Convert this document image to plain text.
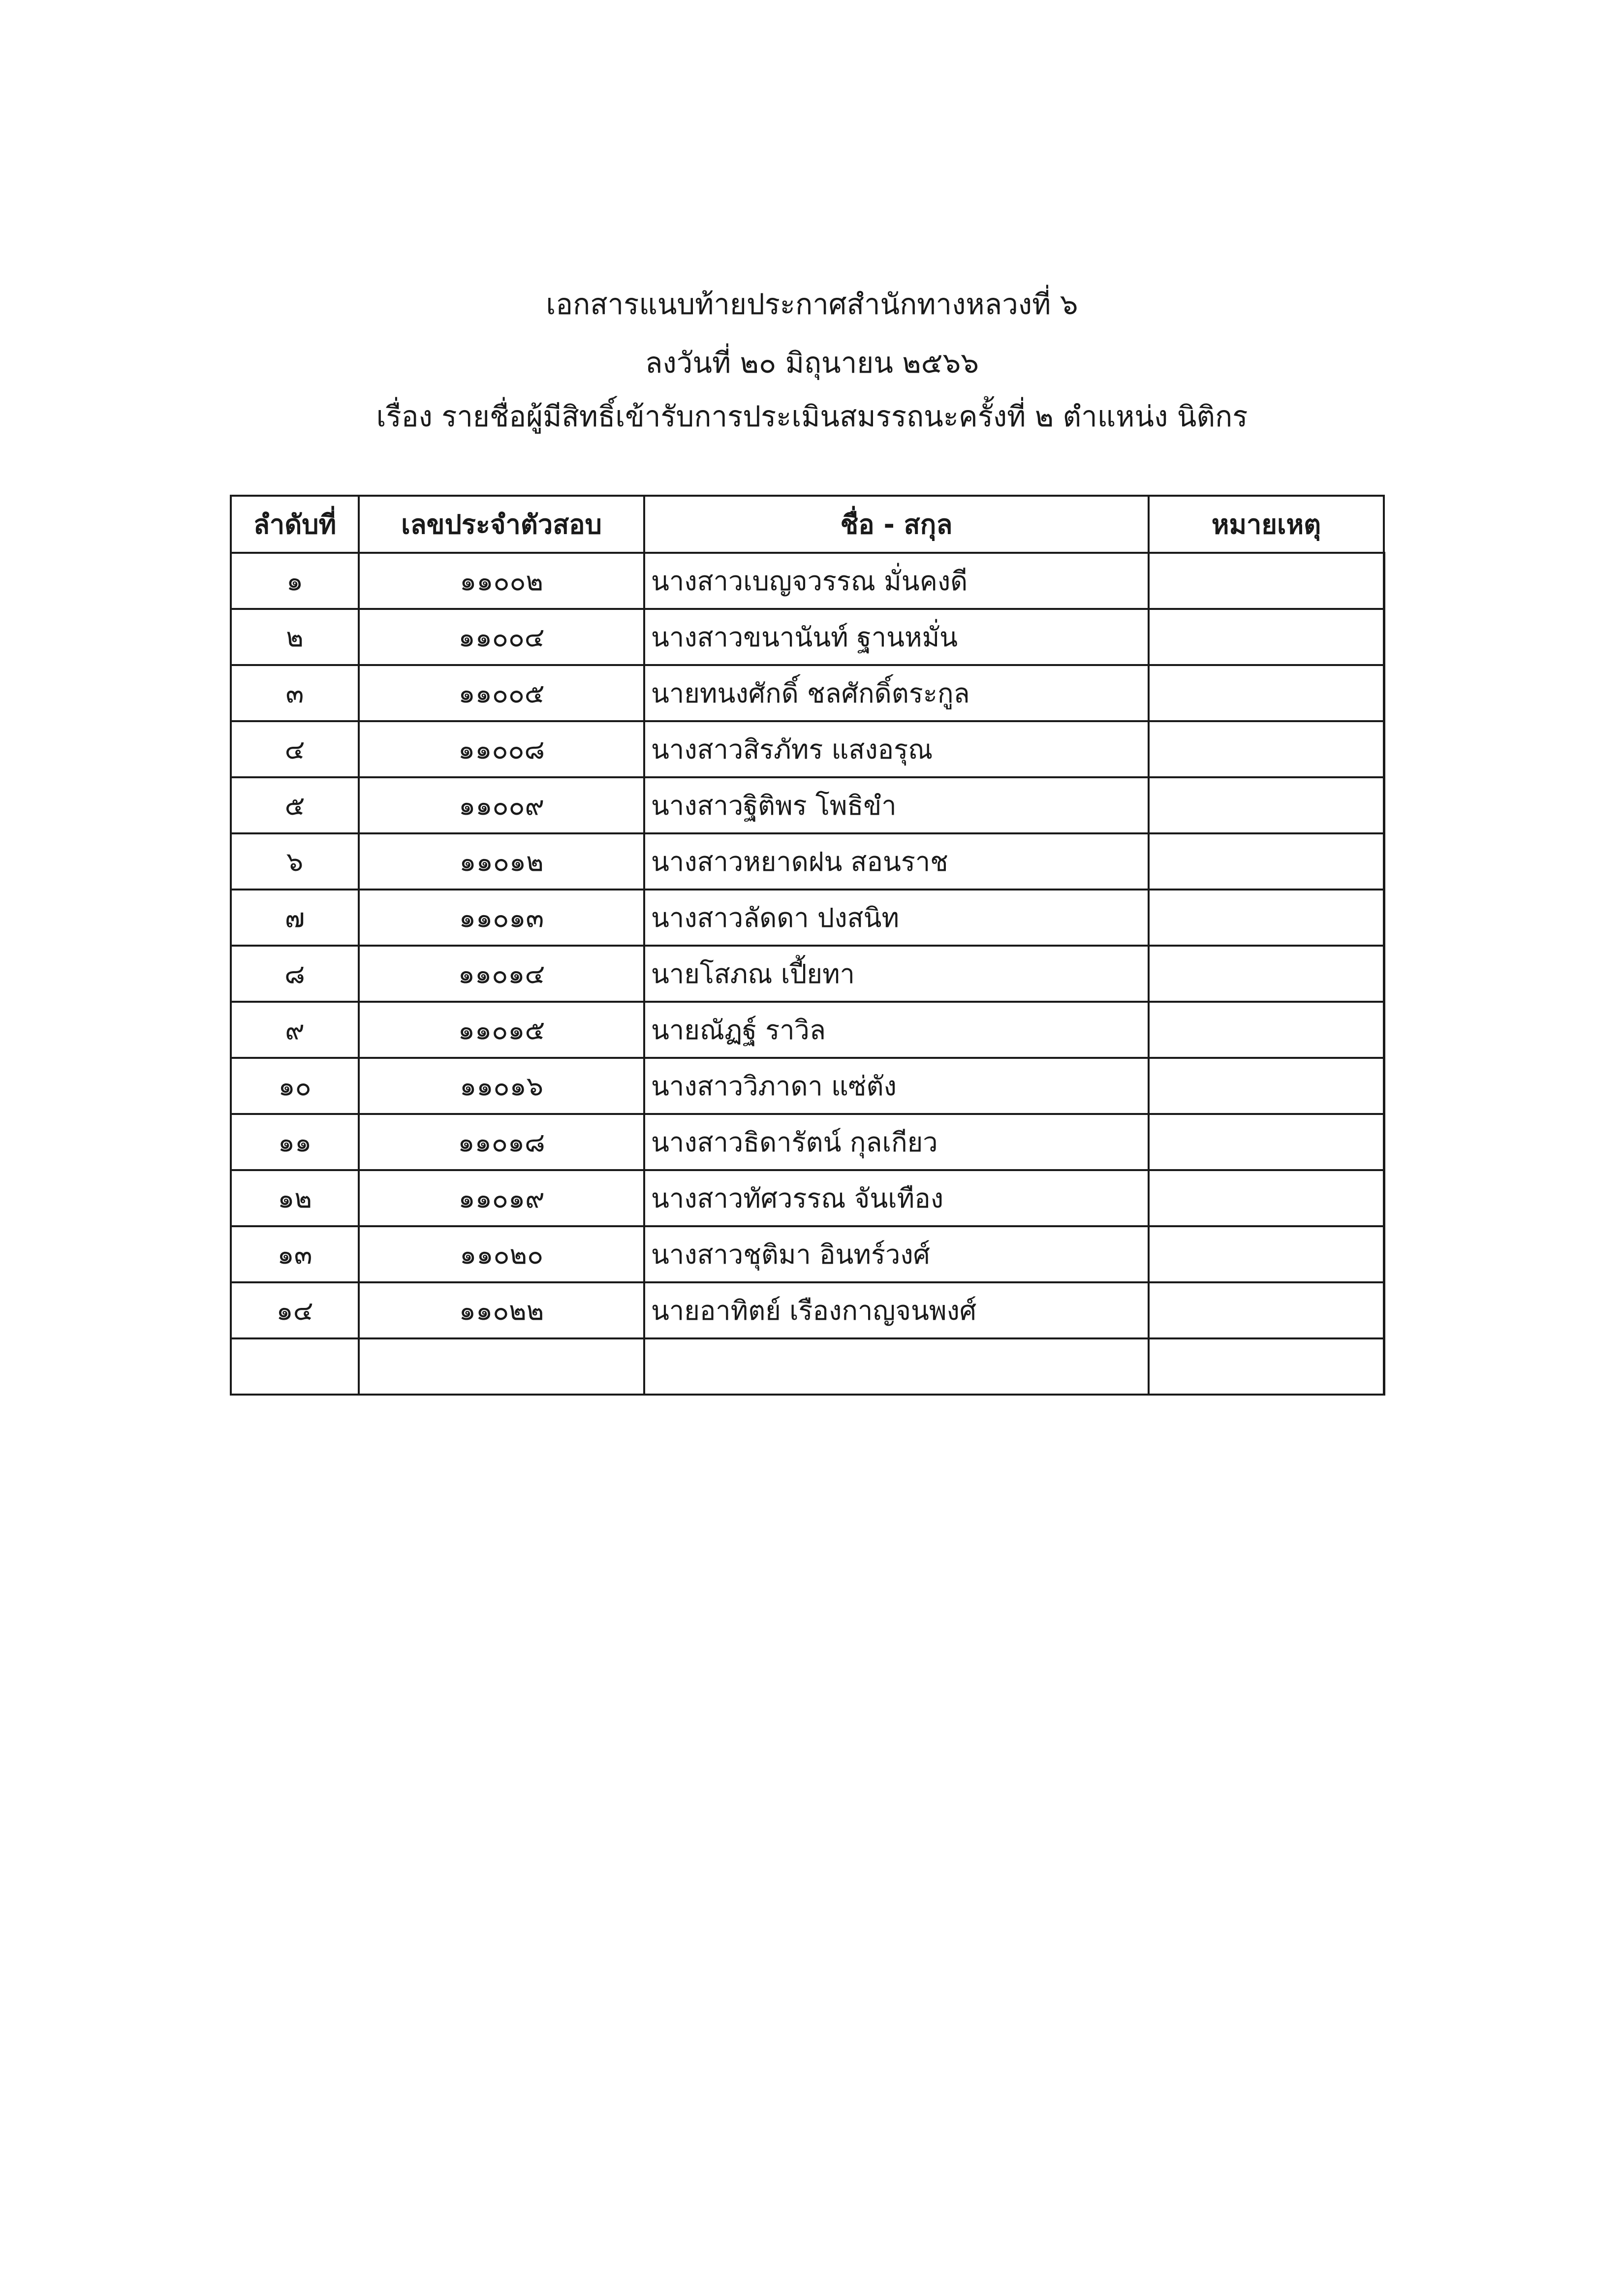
เอกสารแนบท้ายประกาศสำนักทางหลวงที่ ๖
ลงวันที่ ๒๐ มิถุนายน ๒๕๖๖
เรื่อง รายชื่อผู้มีสิทธิ์เข้ารับการประเมินสมรรถนะครั้งที่ ๒ ตำแหน่ง นิติกร
ลำดับที่	เลขประจำตัวสอบ	ชื่อ - สกุล	หมายเหตุ
๑	๑๑๐๐๒	นางสาวเบญจวรรณ มั่นคงดี	
๒	๑๑๐๐๔	นางสาวขนานันท์ ฐานหมั่น	
๓	๑๑๐๐๕	นายทนงศักดิ์ ชลศักดิ์ตระกูล	
๔	๑๑๐๐๘	นางสาวสิรภัทร แสงอรุณ	
๕	๑๑๐๐๙	นางสาวฐิติพร โพธิขำ	
๖	๑๑๐๑๒	นางสาวหยาดฝน สอนราช	
๗	๑๑๐๑๓	นางสาวลัดดา ปงสนิท	
๘	๑๑๐๑๔	นายโสภณ เปี้ยทา	
๙	๑๑๐๑๕	นายณัฏฐ์ ราวิล	
๑๐	๑๑๐๑๖	นางสาววิภาดา แซ่ตัง	
๑๑	๑๑๐๑๘	นางสาวธิดารัตน์ กุลเกียว	
๑๒	๑๑๐๑๙	นางสาวทัศวรรณ จันเทือง	
๑๓	๑๑๐๒๐	นางสาวชุติมา อินทร์วงศ์	
๑๔	๑๑๐๒๒	นายอาทิตย์ เรืองกาญจนพงศ์	
